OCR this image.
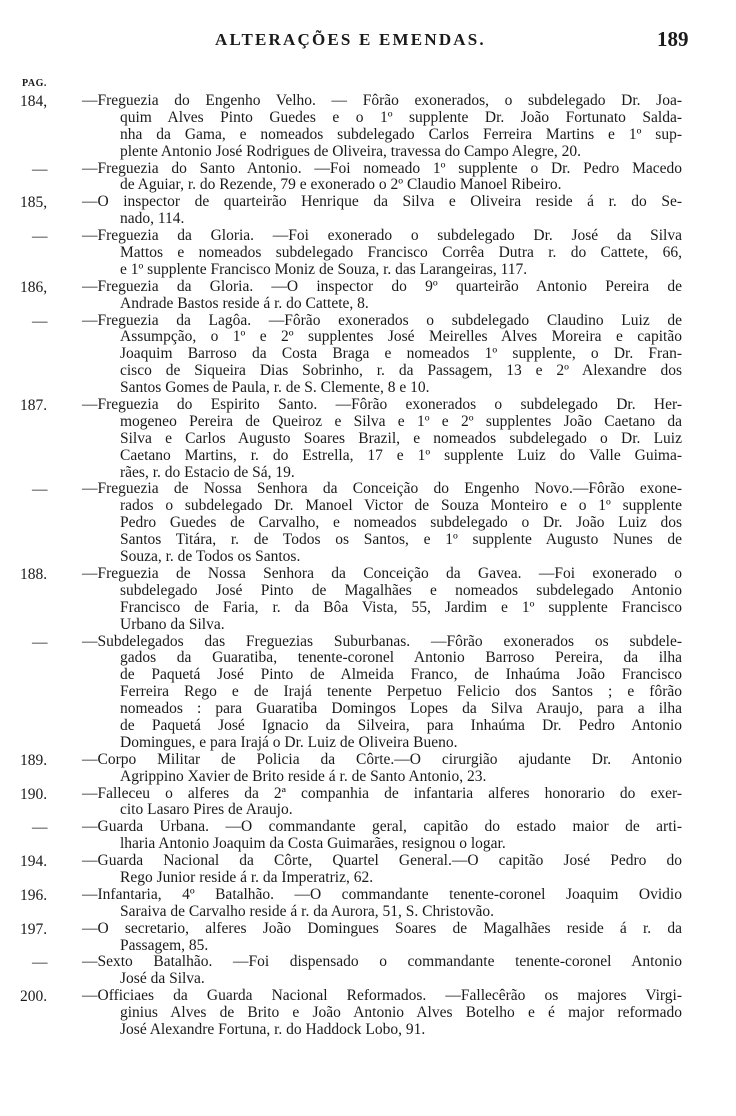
ALTERAÇÕES E EMENDAS.	189
PAG.
184,	—Freguezia do Engenho Velho. — Fôrão exonerados, o subdelegado Dr. Joa-
quim Alves Pinto Guedes e o 1º supplente Dr. João Fortunato Salda-
nha da Gama, e nomeados subdelegado Carlos Ferreira Martins e 1º sup-
plente Antonio José Rodrigues de Oliveira, travessa do Campo Alegre, 20.
—	—Freguezia do Santo Antonio. —Foi nomeado 1º supplente o Dr. Pedro Macedo
de Aguiar, r. do Rezende, 79 e exonerado o 2º Claudio Manoel Ribeiro.
185,	—O inspector de quarteirão Henrique da Silva e Oliveira reside á r. do Se-
nado, 114.
—	—Freguezia da Gloria. —Foi exonerado o subdelegado Dr. José da Silva
Mattos e nomeados subdelegado Francisco Corrêa Dutra r. do Cattete, 66,
e 1º supplente Francisco Moniz de Souza, r. das Larangeiras, 117.
186,	—Freguezia da Gloria. —O inspector do 9º quarteirão Antonio Pereira de
Andrade Bastos reside á r. do Cattete, 8.
—	—Freguezia da Lagôa. —Fôrão exonerados o subdelegado Claudino Luiz de
Assumpção, o 1º e 2º supplentes José Meirelles Alves Moreira e capitão
Joaquim Barroso da Costa Braga e nomeados 1º supplente, o Dr. Fran-
cisco de Siqueira Dias Sobrinho, r. da Passagem, 13 e 2º Alexandre dos
Santos Gomes de Paula, r. de S. Clemente, 8 e 10.
187.	—Freguezia do Espirito Santo. —Fôrão exonerados o subdelegado Dr. Her-
mogeneo Pereira de Queiroz e Silva e 1º e 2º supplentes João Caetano da
Silva e Carlos Augusto Soares Brazil, e nomeados subdelegado o Dr. Luiz
Caetano Martins, r. do Estrella, 17 e 1º supplente Luiz do Valle Guima-
rães, r. do Estacio de Sá, 19.
—	—Freguezia de Nossa Senhora da Conceição do Engenho Novo.—Fôrão exone-
rados o subdelegado Dr. Manoel Victor de Souza Monteiro e o 1º supplente
Pedro Guedes de Carvalho, e nomeados subdelegado o Dr. João Luiz dos
Santos Titára, r. de Todos os Santos, e 1º supplente Augusto Nunes de
Souza, r. de Todos os Santos.
188.	—Freguezia de Nossa Senhora da Conceição da Gavea. —Foi exonerado o
subdelegado José Pinto de Magalhães e nomeados subdelegado Antonio
Francisco de Faria, r. da Bôa Vista, 55, Jardim e 1º supplente Francisco
Urbano da Silva.
—	—Subdelegados das Freguezias Suburbanas. —Fôrão exonerados os subdele-
gados da Guaratiba, tenente-coronel Antonio Barroso Pereira, da ilha
de Paquetá José Pinto de Almeida Franco, de Inhaúma João Francisco
Ferreira Rego e de Irajá tenente Perpetuo Felicio dos Santos ; e fôrão
nomeados : para Guaratiba Domingos Lopes da Silva Araujo, para a ilha
de Paquetá José Ignacio da Silveira, para Inhaúma Dr. Pedro Antonio
Domingues, e para Irajá o Dr. Luiz de Oliveira Bueno.
189.	—Corpo Militar de Policia da Côrte.—O cirurgião ajudante Dr. Antonio
Agrippino Xavier de Brito reside á r. de Santo Antonio, 23.
190.	—Falleceu o alferes da 2ª companhia de infantaria alferes honorario do exer-
cito Lasaro Pires de Araujo.
—	—Guarda Urbana. —O commandante geral, capitão do estado maior de arti-
lharia Antonio Joaquim da Costa Guimarães, resignou o logar.
194.	—Guarda Nacional da Côrte, Quartel General.—O capitão José Pedro do
Rego Junior reside á r. da Imperatriz, 62.
196.	—Infantaria, 4º Batalhão. —O commandante tenente-coronel Joaquim Ovidio
Saraiva de Carvalho reside á r. da Aurora, 51, S. Christovão.
197.	—O secretario, alferes João Domingues Soares de Magalhães reside á r. da
Passagem, 85.
—	—Sexto Batalhão. —Foi dispensado o commandante tenente-coronel Antonio
José da Silva.
200.	—Officiaes da Guarda Nacional Reformados. —Fallecêrão os majores Virgi-
ginius Alves de Brito e João Antonio Alves Botelho e é major reformado
José Alexandre Fortuna, r. do Haddock Lobo, 91.
